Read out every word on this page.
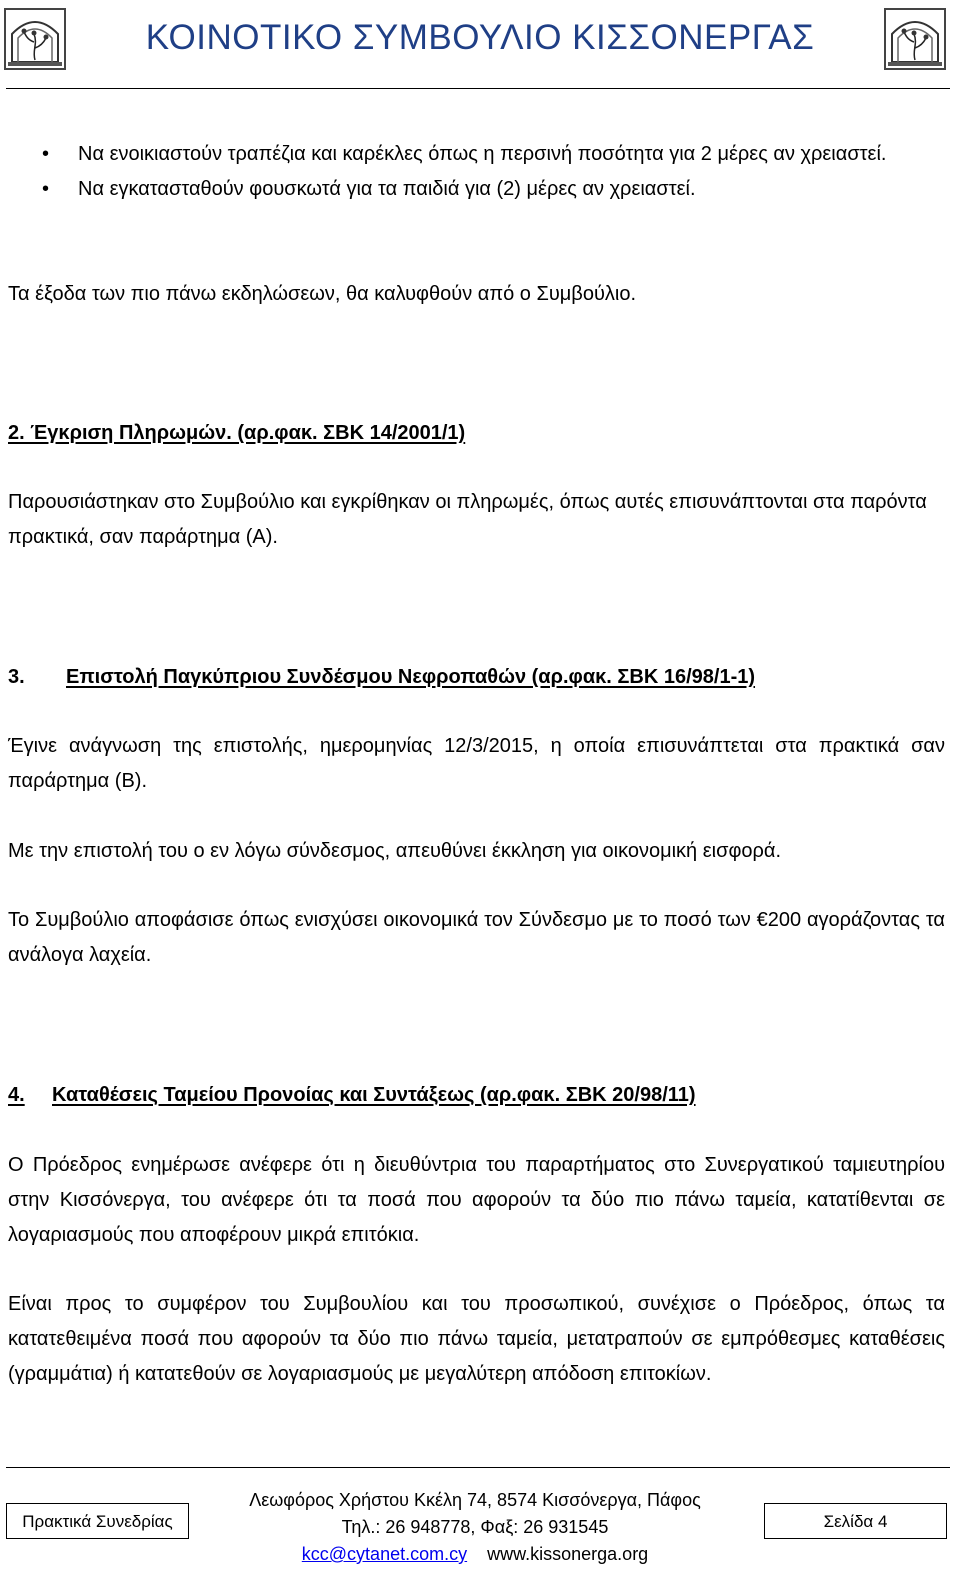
ΚΟΙΝΟΤΙΚΟ ΣΥΜΒΟΥΛΙΟ ΚΙΣΣΟΝΕΡΓΑΣ
• Να ενοικιαστούν τραπέζια και καρέκλες όπως η περσινή ποσότητα για 2 μέρες αν χρειαστεί.
• Να εγκατασταθούν φουσκωτά για τα παιδιά για (2) μέρες αν χρειαστεί.
Τα έξοδα των πιο πάνω εκδηλώσεων, θα καλυφθούν από ο Συμβούλιο.
2. Έγκριση Πληρωμών. (αρ.φακ. ΣΒΚ 14/2001/1)
Παρουσιάστηκαν στο Συμβούλιο και εγκρίθηκαν οι πληρωμές, όπως αυτές επισυνάπτονται στα παρόντα πρακτικά, σαν παράρτημα (Α).
3. Επιστολή Παγκύπριου Συνδέσμου Νεφροπαθών (αρ.φακ. ΣΒΚ 16/98/1-1)
Έγινε ανάγνωση της επιστολής, ημερομηνίας 12/3/2015, η οποία επισυνάπτεται στα πρακτικά σαν παράρτημα (Β).
Με την επιστολή του ο εν λόγω σύνδεσμος, απευθύνει έκκληση για οικονομική εισφορά.
Το Συμβούλιο αποφάσισε όπως ενισχύσει οικονομικά τον Σύνδεσμο με το ποσό των €200 αγοράζοντας τα ανάλογα λαχεία.
4. Καταθέσεις Ταμείου Προνοίας και Συντάξεως (αρ.φακ. ΣΒΚ 20/98/11)
Ο Πρόεδρος ενημέρωσε ανέφερε ότι η διευθύντρια του παραρτήματος στο Συνεργατικού ταμιευτηρίου στην Κισσόνεργα, του ανέφερε ότι τα ποσά που αφορούν τα δύο πιο πάνω ταμεία, κατατίθενται σε λογαριασμούς που αποφέρουν μικρά επιτόκια.
Είναι προς το συμφέρον του Συμβουλίου και του προσωπικού, συνέχισε ο Πρόεδρος, όπως τα κατατεθειμένα ποσά που αφορούν τα δύο πιο πάνω ταμεία, μετατραπούν σε εμπρόθεσμες καταθέσεις (γραμμάτια) ή κατατεθούν σε λογαριασμούς με μεγαλύτερη απόδοση επιτοκίων.
Πρακτικά Συνεδρίας
Λεωφόρος Χρήστου Κκέλη 74, 8574 Κισσόνεργα, Πάφος
Τηλ.: 26 948778, Φαξ: 26 931545
kcc@cytanet.com.cy www.kissonerga.org
Σελίδα 4
